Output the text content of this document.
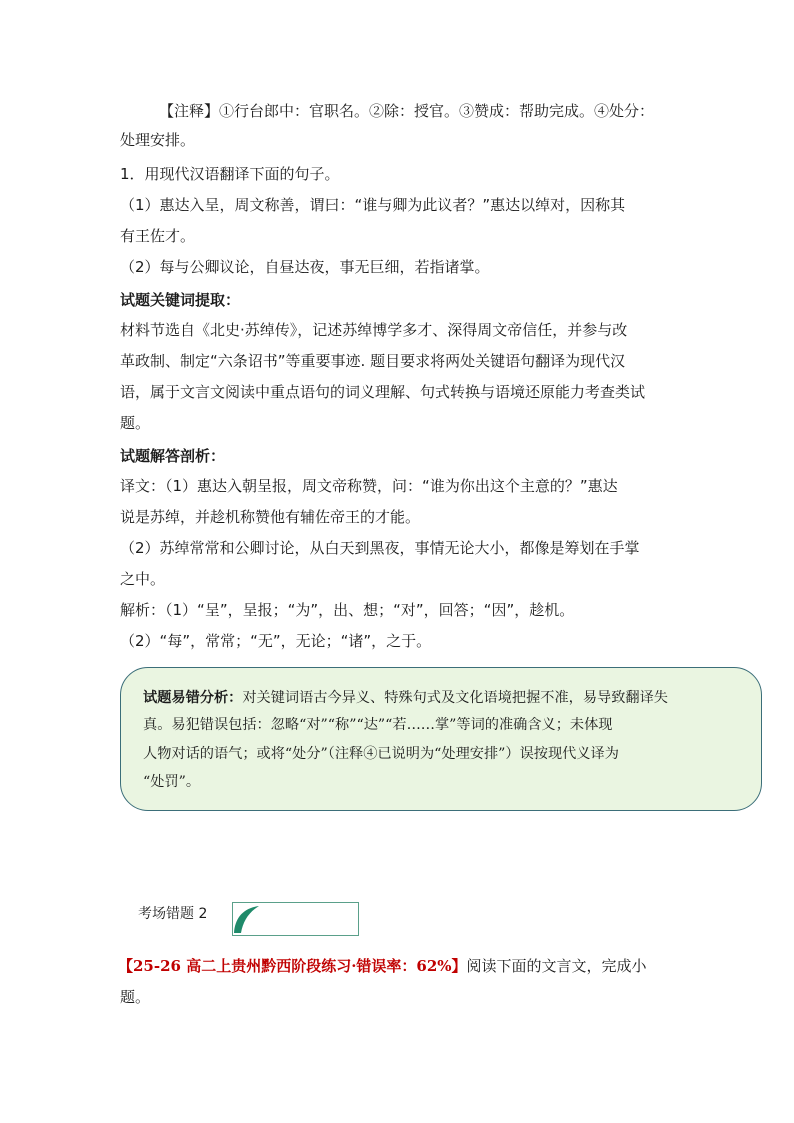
【注释】①行台郎中：官职名。②除：授官。③赞成：帮助完成。④处分：
处理安排。
1．用现代汉语翻译下面的句子。
（1）惠达入呈，周文称善，谓曰：“谁与卿为此议者？”惠达以绰对，因称其
有王佐才。
（2）每与公卿议论，自昼达夜，事无巨细，若指诸掌。
试题关键词提取：
材料节选自《北史·苏绰传》，记述苏绰博学多才、深得周文帝信任，并参与改
革政制、制定“六条诏书”等重要事迹. 题目要求将两处关键语句翻译为现代汉
语，属于文言文阅读中重点语句的词义理解、句式转换与语境还原能力考查类试
题。
试题解答剖析：
译文：（1）惠达入朝呈报，周文帝称赞，问：“谁为你出这个主意的？”惠达
说是苏绰，并趁机称赞他有辅佐帝王的才能。
（2）苏绰常常和公卿讨论，从白天到黑夜，事情无论大小，都像是筹划在手掌
之中。
解析：（1）“呈”，呈报；“为”，出、想；“对”，回答；“因”，趁机。
（2）“每”，常常；“无”，无论；“诸”，之于。
试题易错分析：对关键词语古今异义、特殊句式及文化语境把握不准，易导致翻译失
真。易犯错误包括：忽略“对”“称”“达”“若……掌”等词的准确含义；未体现
人物对话的语气；或将“处分”（注释④已说明为“处理安排”）误按现代义译为
“处罚”。
考场错题 2
【25-26 高二上贵州黔西阶段练习·错误率：62%】阅读下面的文言文，完成小
题。
